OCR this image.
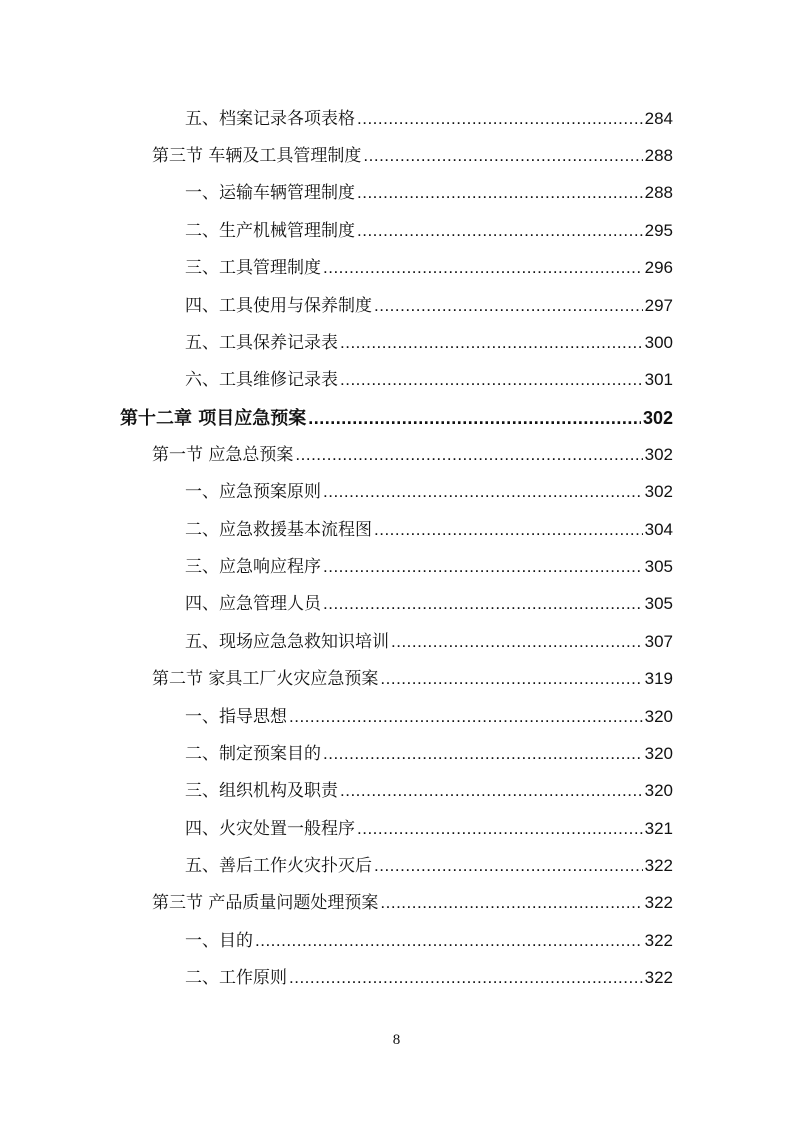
五、档案记录各项表格 .....	284
第三节 车辆及工具管理制度 .....	288
一、运输车辆管理制度 .....	288
二、生产机械管理制度 .....	295
三、工具管理制度 .....	296
四、工具使用与保养制度 .....	297
五、工具保养记录表 .....	300
六、工具维修记录表 .....	301
第十二章 项目应急预案 .....	302
第一节 应急总预案 .....	302
一、应急预案原则 .....	302
二、应急救援基本流程图 .....	304
三、应急响应程序 .....	305
四、应急管理人员 .....	305
五、现场应急急救知识培训 .....	307
第二节 家具工厂火灾应急预案 .....	319
一、指导思想 .....	320
二、制定预案目的 .....	320
三、组织机构及职责 .....	320
四、火灾处置一般程序 .....	321
五、善后工作火灾扑灭后 .....	322
第三节 产品质量问题处理预案 .....	322
一、目的 .....	322
二、工作原则 .....	322
8
